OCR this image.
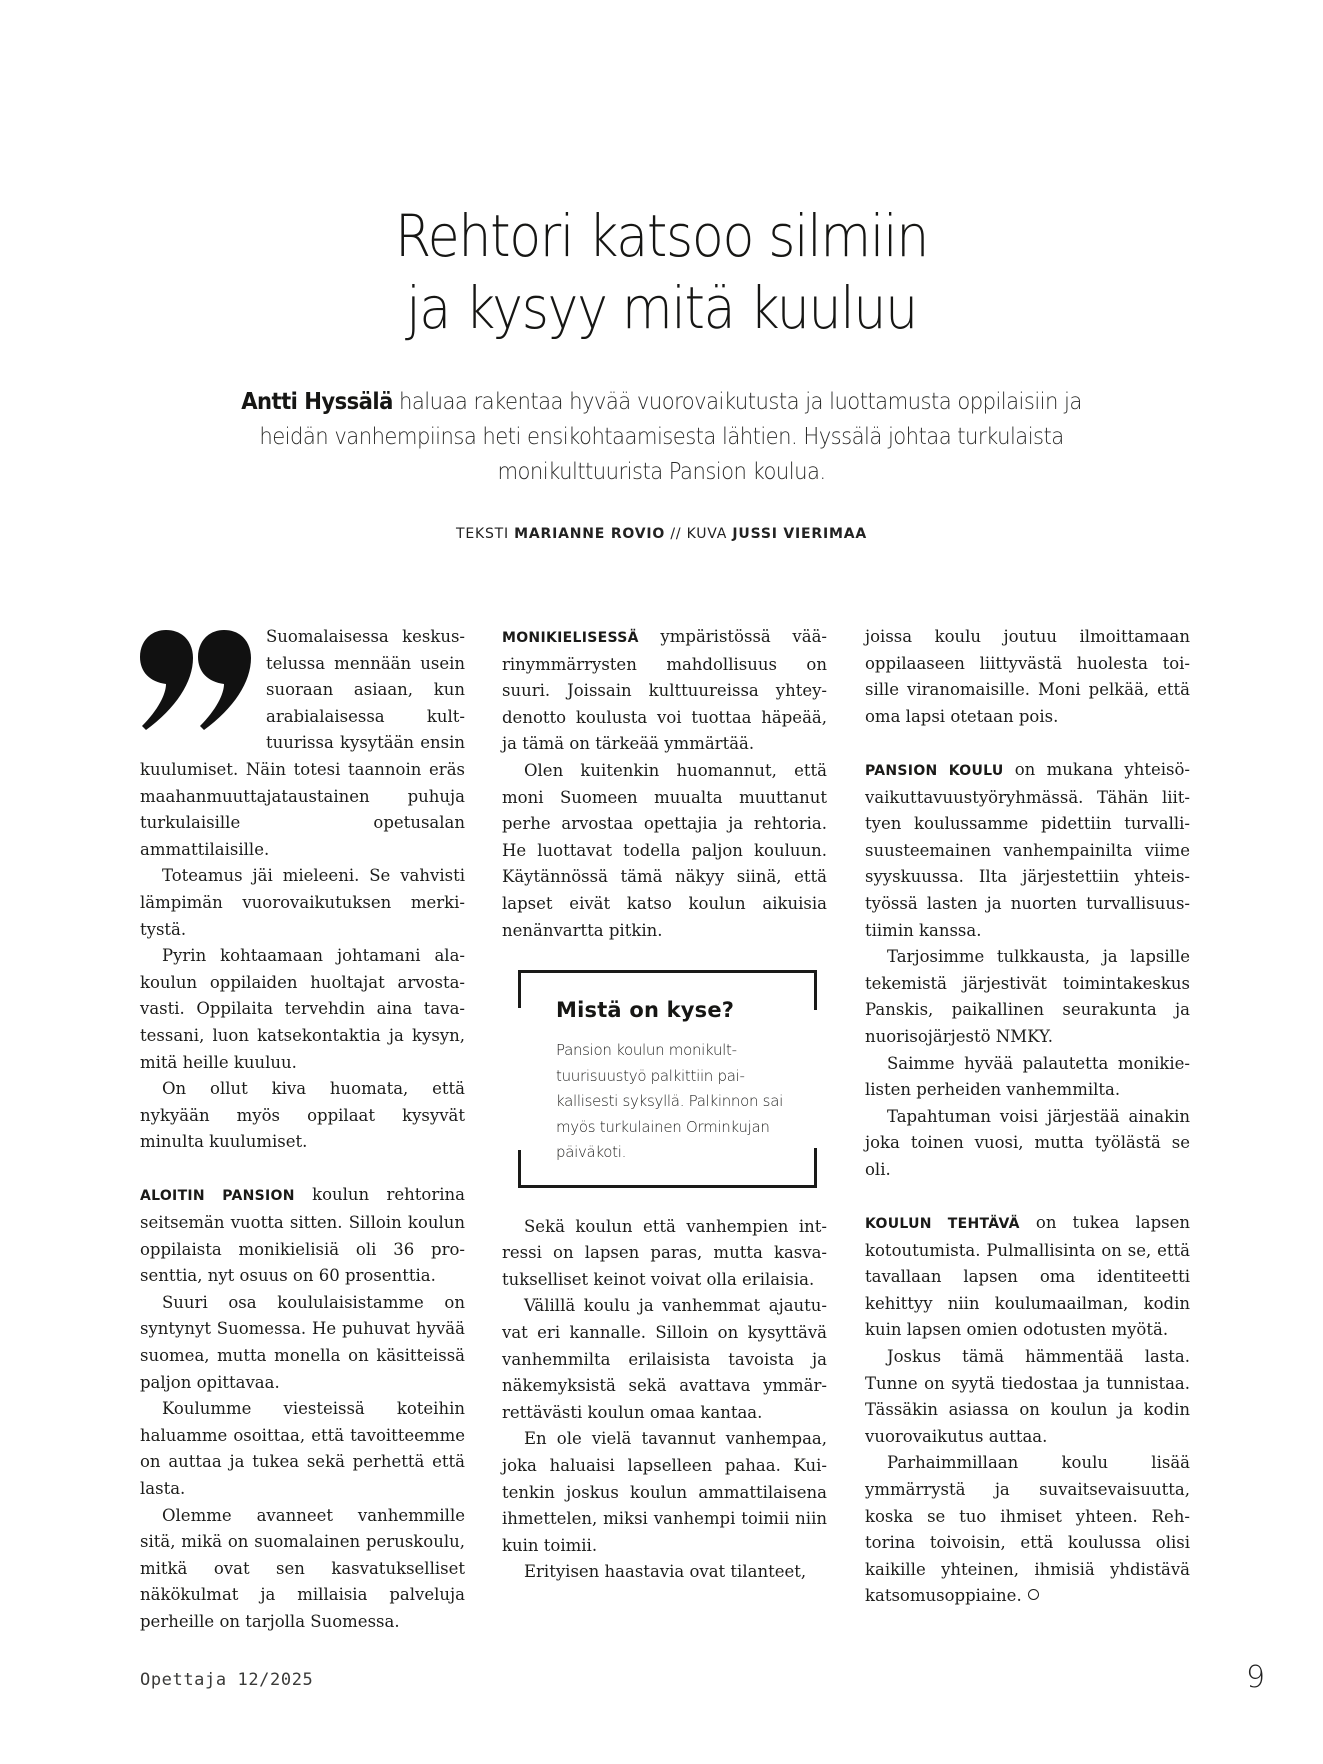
Rehtori katsoo silmiin
ja kysyy mitä kuuluu

Antti Hyssälä haluaa rakentaa hyvää vuorovaikutusta ja luottamusta oppilaisiin ja heidän vanhempiinsa heti ensikohtaamisesta lähtien. Hyssälä johtaa turkulaista monikulttuurista Pansion koulua.

TEKSTI MARIANNE ROVIO // KUVA JUSSI VIERIMAA

Suomalaisessa keskustelussa mennään usein suoraan asiaan, kun arabialaisessa kulttuurissa kysytään ensin kuulumiset. Näin totesi taannoin eräs maahanmuuttajataustainen puhuja turkulaisille opetusalan ammattilaisille.

Toteamus jäi mieleeni. Se vahvisti lämpimän vuorovaikutuksen merkitystä.

Pyrin kohtaamaan johtamani alakoulun oppilaiden huoltajat arvostavasti. Oppilaita tervehdin aina tavatessani, luon katsekontaktia ja kysyn, mitä heille kuuluu.

On ollut kiva huomata, että nykyään myös oppilaat kysyvät minulta kuulumiset.

ALOITIN PANSION koulun rehtorina seitsemän vuotta sitten. Silloin koulun oppilaista monikielisiä oli 36 prosenttia, nyt osuus on 60 prosenttia.

Suuri osa koululaisistamme on syntynyt Suomessa. He puhuvat hyvää suomea, mutta monella on käsitteissä paljon opittavaa.

Koulumme viesteissä koteihin haluamme osoittaa, että tavoitteemme on auttaa ja tukea sekä perhettä että lasta.

Olemme avanneet vanhemmille sitä, mikä on suomalainen peruskoulu, mitkä ovat sen kasvatukselliset näkökulmat ja millaisia palveluja perheille on tarjolla Suomessa.

MONIKIELISESSÄ ympäristössä väärinymmärrysten mahdollisuus on suuri. Joissain kulttuureissa yhteydenotto koulusta voi tuottaa häpeää, ja tämä on tärkeää ymmärtää.

Olen kuitenkin huomannut, että moni Suomeen muualta muuttanut perhe arvostaa opettajia ja rehtoria. He luottavat todella paljon kouluun. Käytännössä tämä näkyy siinä, että lapset eivät katso koulun aikuisia nenänvartta pitkin.

Mistä on kyse?

Pansion koulun monikulttuurisuustyö palkittiin paikallisesti syksyllä. Palkinnon sai myös turkulainen Orminkujan päiväkoti.

Sekä koulun että vanhempien intressi on lapsen paras, mutta kasvatukselliset keinot voivat olla erilaisia.

Välillä koulu ja vanhemmat ajautuvat eri kannalle. Silloin on kysyttävä vanhemmilta erilaisista tavoista ja näkemyksistä sekä avattava ymmärrettävästi koulun omaa kantaa.

En ole vielä tavannut vanhempaa, joka haluaisi lapselleen pahaa. Kuitenkin joskus koulun ammattilaisena ihmettelen, miksi vanhempi toimii niin kuin toimii.

Erityisen haastavia ovat tilanteet,

joissa koulu joutuu ilmoittamaan oppilaaseen liittyvästä huolesta toisille viranomaisille. Moni pelkää, että oma lapsi otetaan pois.

PANSION KOULU on mukana yhteisövaikuttavuustyöryhmässä. Tähän liittyen koulussamme pidettiin turvallisuusteemainen vanhempainilta viime syyskuussa. Ilta järjestettiin yhteistyössä lasten ja nuorten turvallisuustiimin kanssa.

Tarjosimme tulkkausta, ja lapsille tekemistä järjestivät toimintakeskus Panskis, paikallinen seurakunta ja nuorisojärjestö NMKY.

Saimme hyvää palautetta monikielisten perheiden vanhemmilta.

Tapahtuman voisi järjestää ainakin joka toinen vuosi, mutta työlästä se oli.

KOULUN TEHTÄVÄ on tukea lapsen kotoutumista. Pulmallisinta on se, että tavallaan lapsen oma identiteetti kehittyy niin koulumaailman, kodin kuin lapsen omien odotusten myötä.

Joskus tämä hämmentää lasta. Tunne on syytä tiedostaa ja tunnistaa. Tässäkin asiassa on koulun ja kodin vuorovaikutus auttaa.

Parhaimmillaan koulu lisää ymmärrystä ja suvaitsevaisuutta, koska se tuo ihmiset yhteen. Rehtorina toivoisin, että koulussa olisi kaikille yhteinen, ihmisiä yhdistävä katsomusoppiaine.

Opettaja 12/2025	9
